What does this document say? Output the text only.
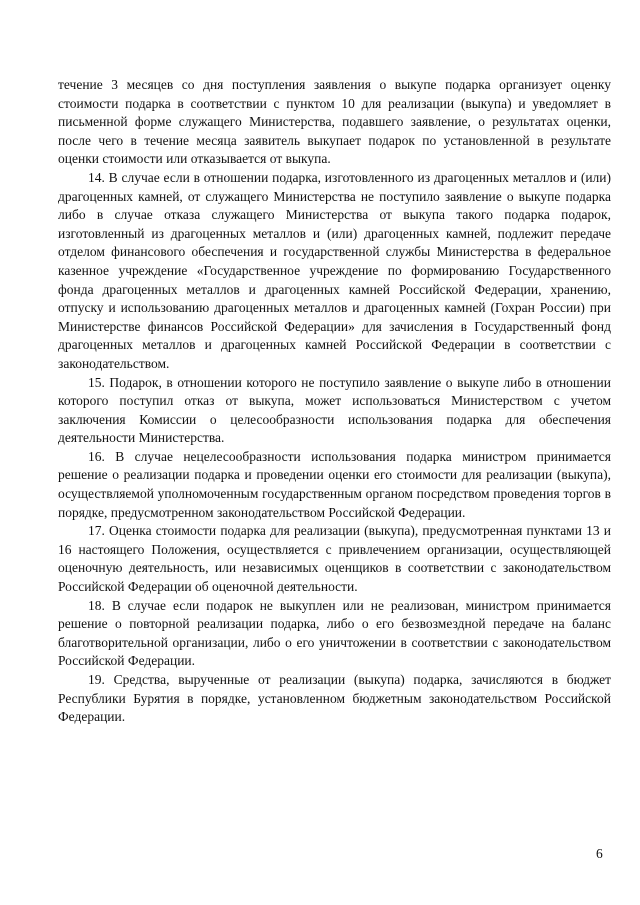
течение 3 месяцев со дня поступления заявления о выкупе подарка организует оценку стоимости подарка в соответствии с пунктом 10 для реализации (выкупа) и уведомляет в письменной форме служащего Министерства, подавшего заявление, о результатах оценки, после чего в течение месяца заявитель выкупает подарок по установленной в результате оценки стоимости или отказывается от выкупа.

14. В случае если в отношении подарка, изготовленного из драгоценных металлов и (или) драгоценных камней, от служащего Министерства не поступило заявление о выкупе подарка либо в случае отказа служащего Министерства от выкупа такого подарка подарок, изготовленный из драгоценных металлов и (или) драгоценных камней, подлежит передаче отделом финансового обеспечения и государственной службы Министерства в федеральное казенное учреждение «Государственное учреждение по формированию Государственного фонда драгоценных металлов и драгоценных камней Российской Федерации, хранению, отпуску и использованию драгоценных металлов и драгоценных камней (Гохран России) при Министерстве финансов Российской Федерации» для зачисления в Государственный фонд драгоценных металлов и драгоценных камней Российской Федерации в соответствии с законодательством.

15. Подарок, в отношении которого не поступило заявление о выкупе либо в отношении которого поступил отказ от выкупа, может использоваться Министерством с учетом заключения Комиссии о целесообразности использования подарка для обеспечения деятельности Министерства.

16. В случае нецелесообразности использования подарка министром принимается решение о реализации подарка и проведении оценки его стоимости для реализации (выкупа), осуществляемой уполномоченным государственным органом посредством проведения торгов в порядке, предусмотренном законодательством Российской Федерации.

17. Оценка стоимости подарка для реализации (выкупа), предусмотренная пунктами 13 и 16 настоящего Положения, осуществляется с привлечением организации, осуществляющей оценочную деятельность, или независимых оценщиков в соответствии с законодательством Российской Федерации об оценочной деятельности.

18. В случае если подарок не выкуплен или не реализован, министром принимается решение о повторной реализации подарка, либо о его безвозмездной передаче на баланс благотворительной организации, либо о его уничтожении в соответствии с законодательством Российской Федерации.

19. Средства, вырученные от реализации (выкупа) подарка, зачисляются в бюджет Республики Бурятия в порядке, установленном бюджетным законодательством Российской Федерации.

6
